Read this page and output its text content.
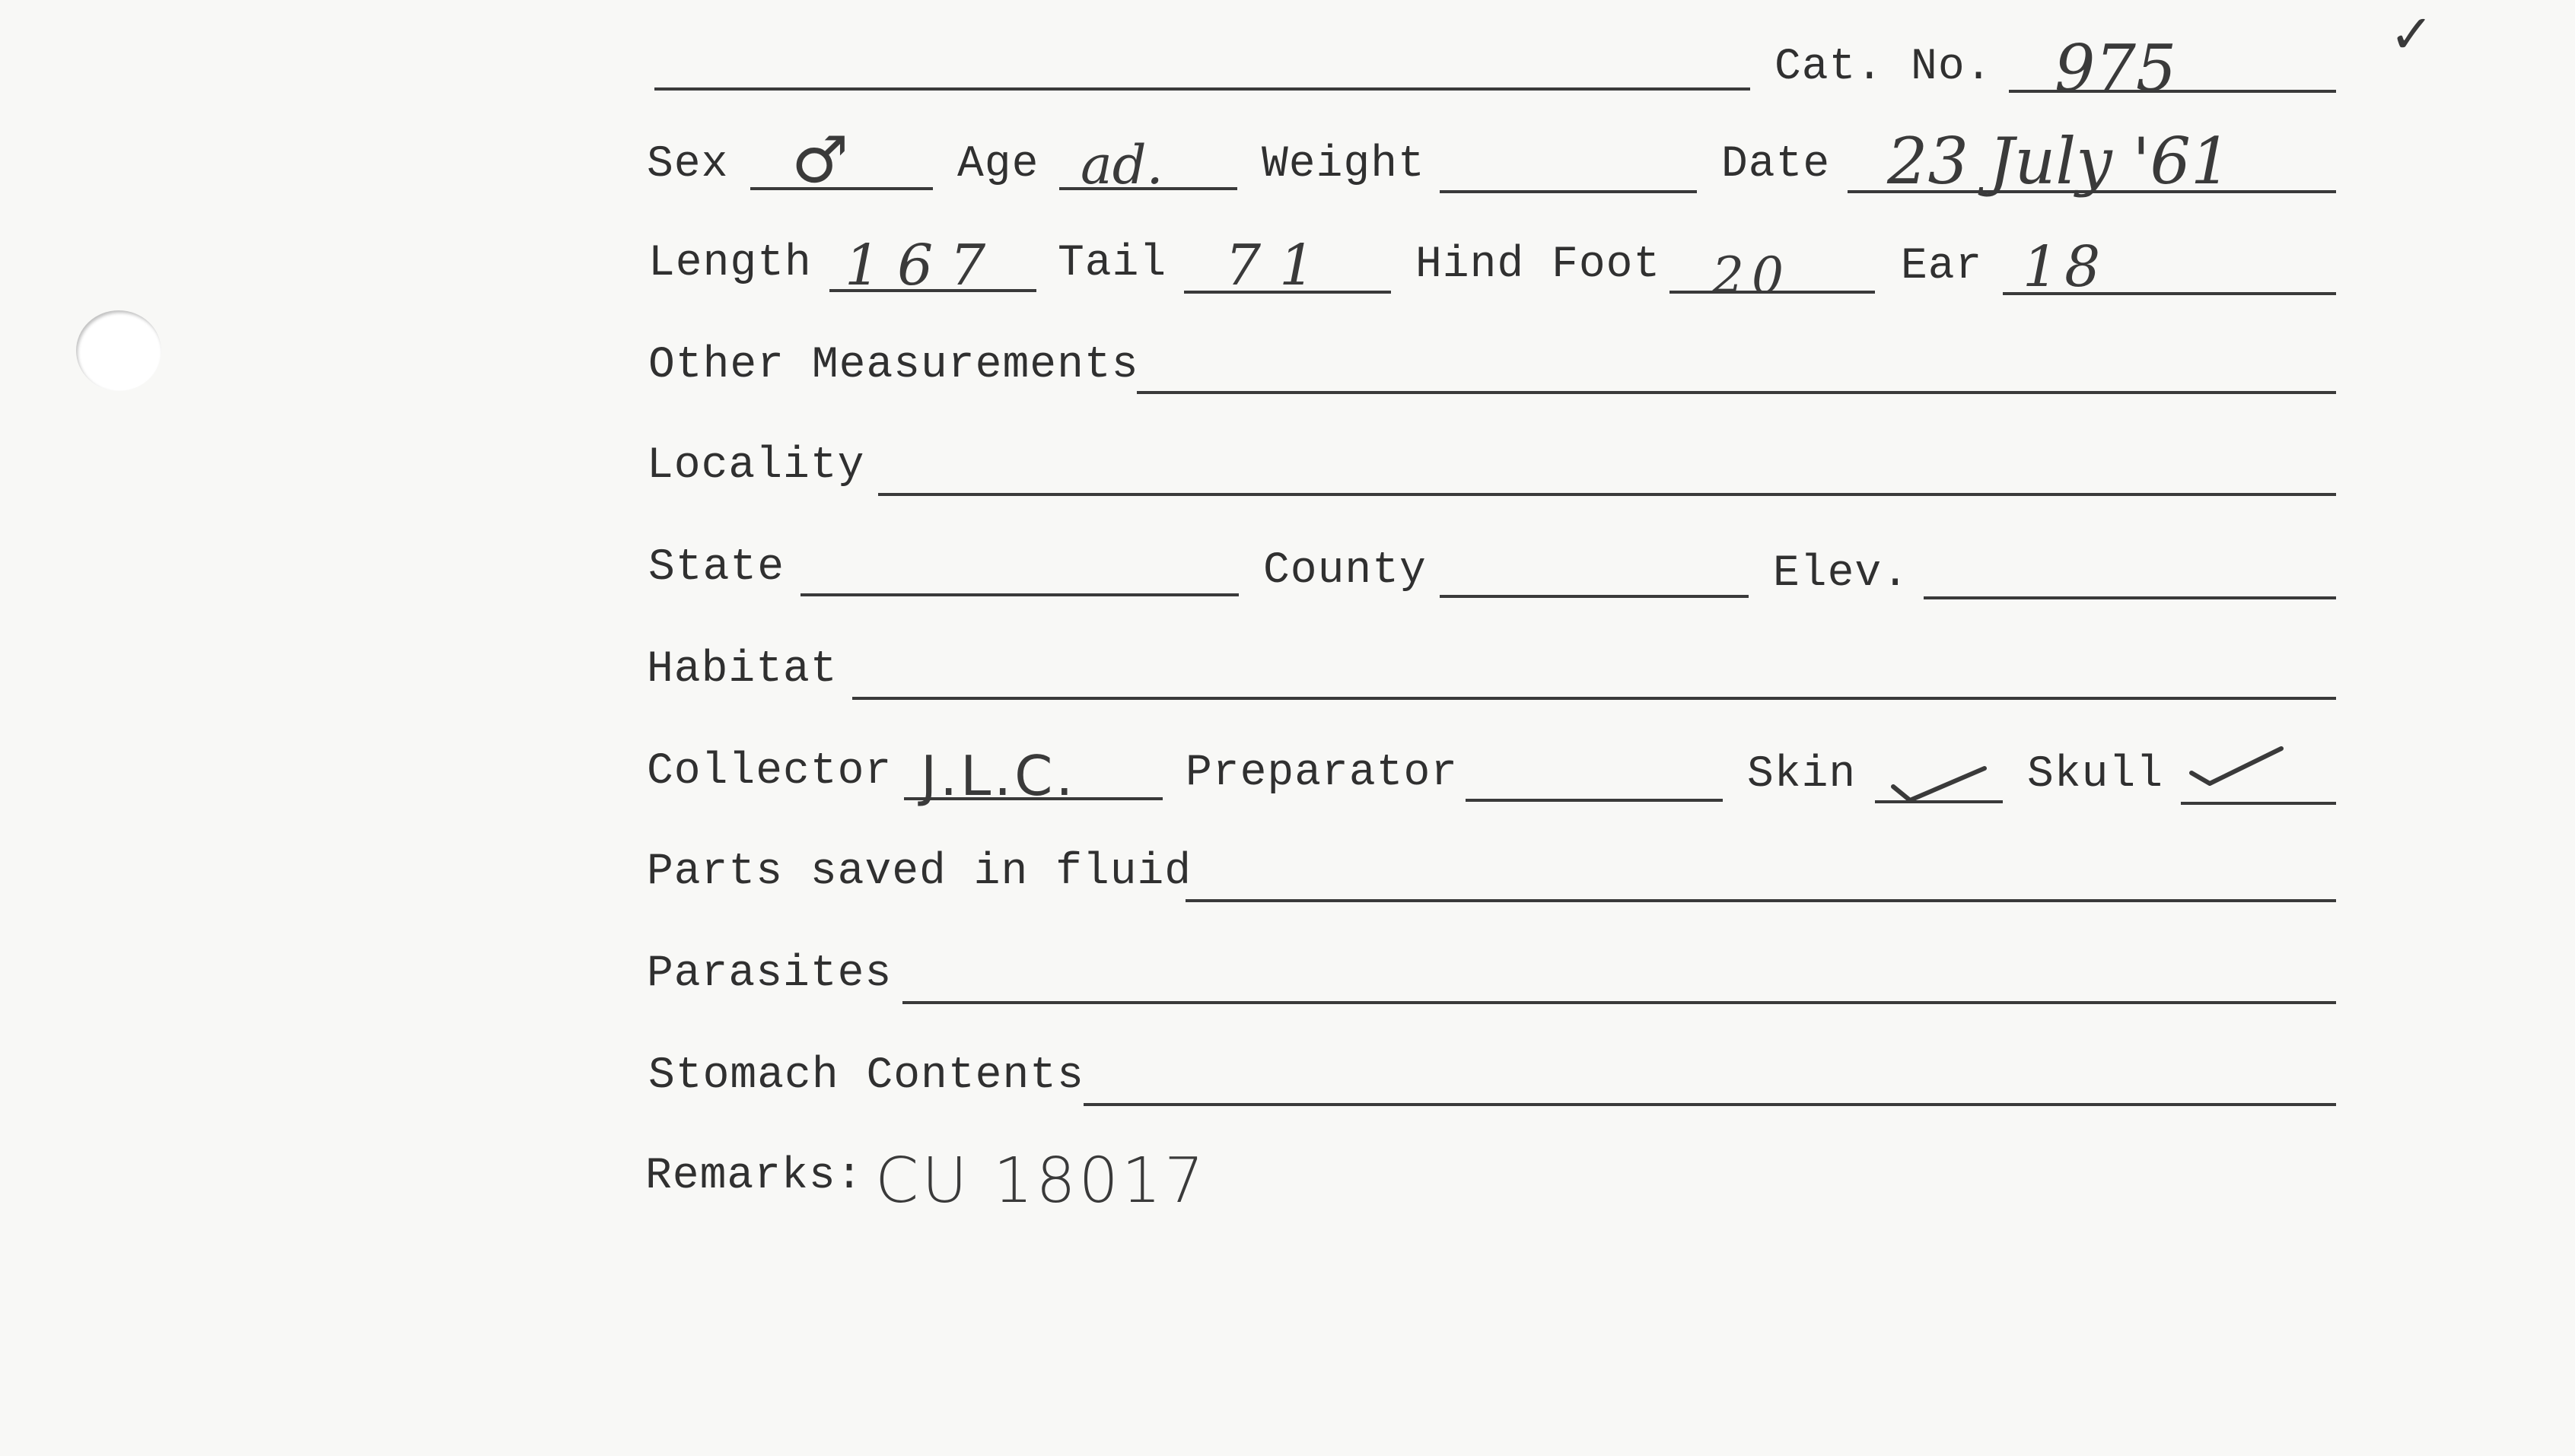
✓
Cat. No. 975
Sex ♂ Age ad. Weight	Date 23 July '61
Length 167 Tail 71 Hind Foot 20 Ear 18
Other Measurements
Locality
State	County	Elev.
Habitat
Collector J.L.C. Preparator	Skin	Skull
Parts saved in fluid
Parasites
Stomach Contents
Remarks: CU 18017
